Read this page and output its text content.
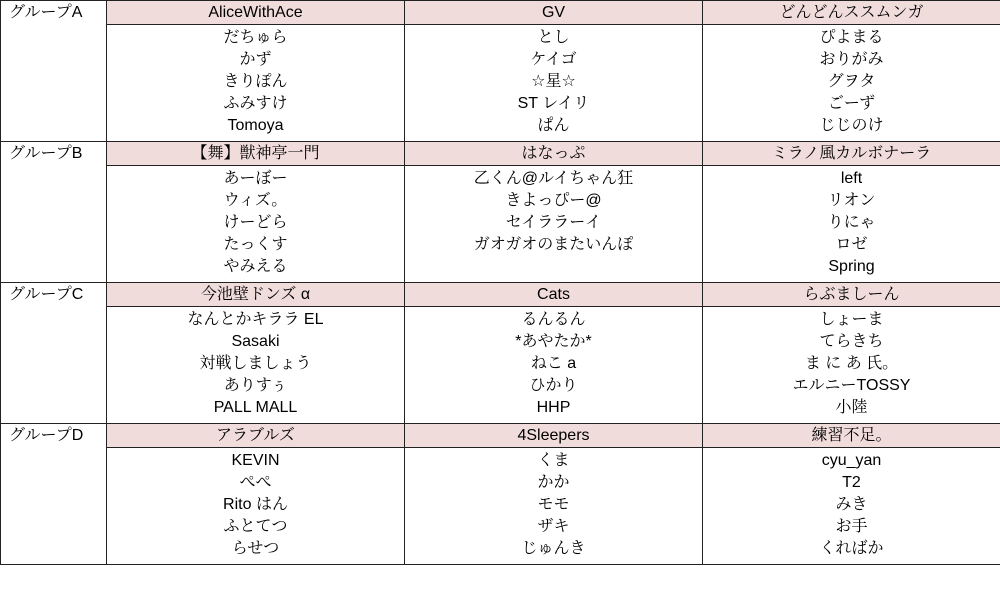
グループA	AliceWithAce	GV	どんどんススムンガ

	だちゅら
かず
きりぽん
ふみすけ
Tomoya	とし
ケイゴ
☆星☆
ST レイリ
ぱん	ぴよまる
おりがみ
グヲタ
ごーず
じじのけ

グループB	【舞】獣神亭一門	はなっぷ	ミラノ風カルボナーラ

	あーぼー
ウィズ。
けーどら
たっくす
やみえる	乙くん@ルイちゃん狂
きよっぴー@
セイララーイ
ガオガオのまたいんぽ	left
リオン
りにゃ
ロゼ
Spring

グループC	今池壁ドンズ α	Cats	らぶましーん

	なんとかキララ EL
Sasaki
対戦しましょう
ありすぅ
PALL MALL	るんるん
*あやたか*
ねこ a
ひかり
HHP	しょーま
てらきち
ま に あ 氏。
エルニーTOSSY
小陸

グループD	アラブルズ	4Sleepers	練習不足。

	KEVIN
ぺぺ
Rito はん
ふとてつ
らせつ	くま
かか
モモ
ザキ
じゅんき	cyu_yan
T2
みき
お手
くればか
